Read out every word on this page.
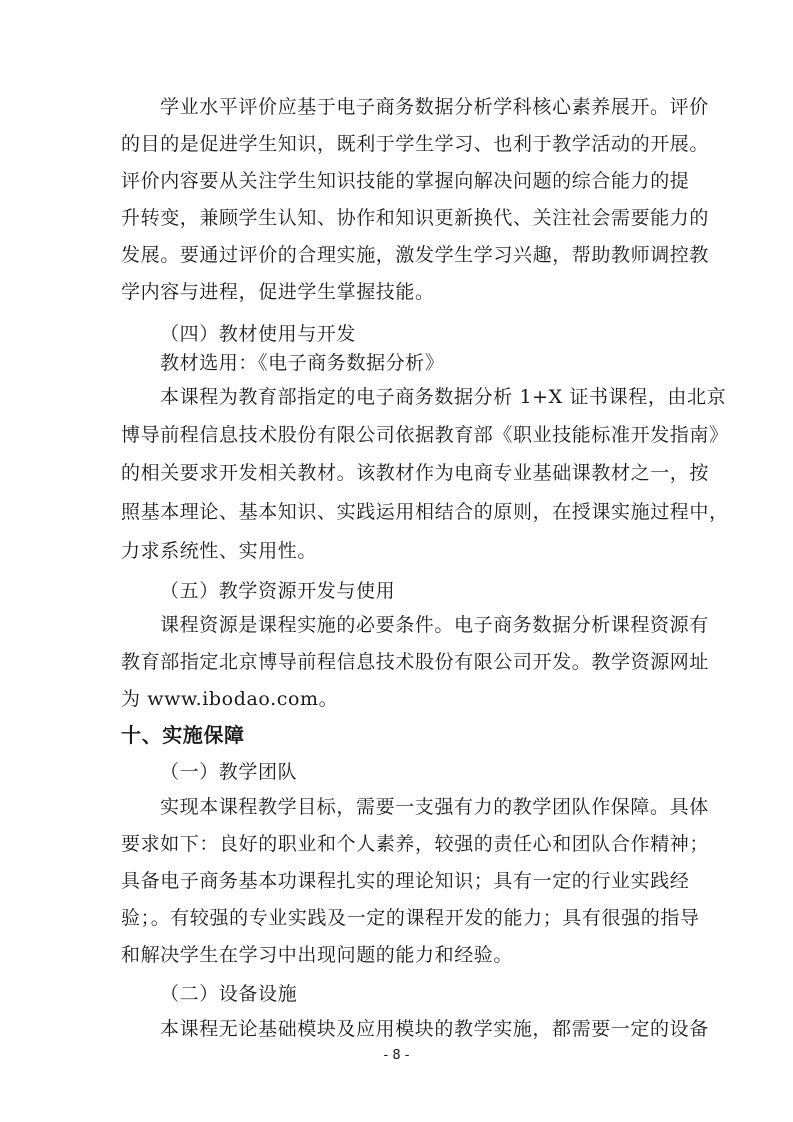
学业水平评价应基于电子商务数据分析学科核心素养展开。评价
的目的是促进学生知识，既利于学生学习、也利于教学活动的开展。
评价内容要从关注学生知识技能的掌握向解决问题的综合能力的提
升转变，兼顾学生认知、协作和知识更新换代、关注社会需要能力的
发展。要通过评价的合理实施，激发学生学习兴趣，帮助教师调控教
学内容与进程，促进学生掌握技能。
（四）教材使用与开发
教材选用：《电子商务数据分析》
本课程为教育部指定的电子商务数据分析 1+X 证书课程，由北京
博导前程信息技术股份有限公司依据教育部《职业技能标准开发指南》
的相关要求开发相关教材。该教材作为电商专业基础课教材之一，按
照基本理论、基本知识、实践运用相结合的原则，在授课实施过程中，
力求系统性、实用性。
（五）教学资源开发与使用
课程资源是课程实施的必要条件。电子商务数据分析课程资源有
教育部指定北京博导前程信息技术股份有限公司开发。教学资源网址
为 www.ibodao.com。
十、实施保障
（一）教学团队
实现本课程教学目标，需要一支强有力的教学团队作保障。具体
要求如下：良好的职业和个人素养，较强的责任心和团队合作精神；
具备电子商务基本功课程扎实的理论知识；具有一定的行业实践经
验；。有较强的专业实践及一定的课程开发的能力；具有很强的指导
和解决学生在学习中出现问题的能力和经验。
- 8 -
（二）设备设施
本课程无论基础模块及应用模块的教学实施，都需要一定的设备
